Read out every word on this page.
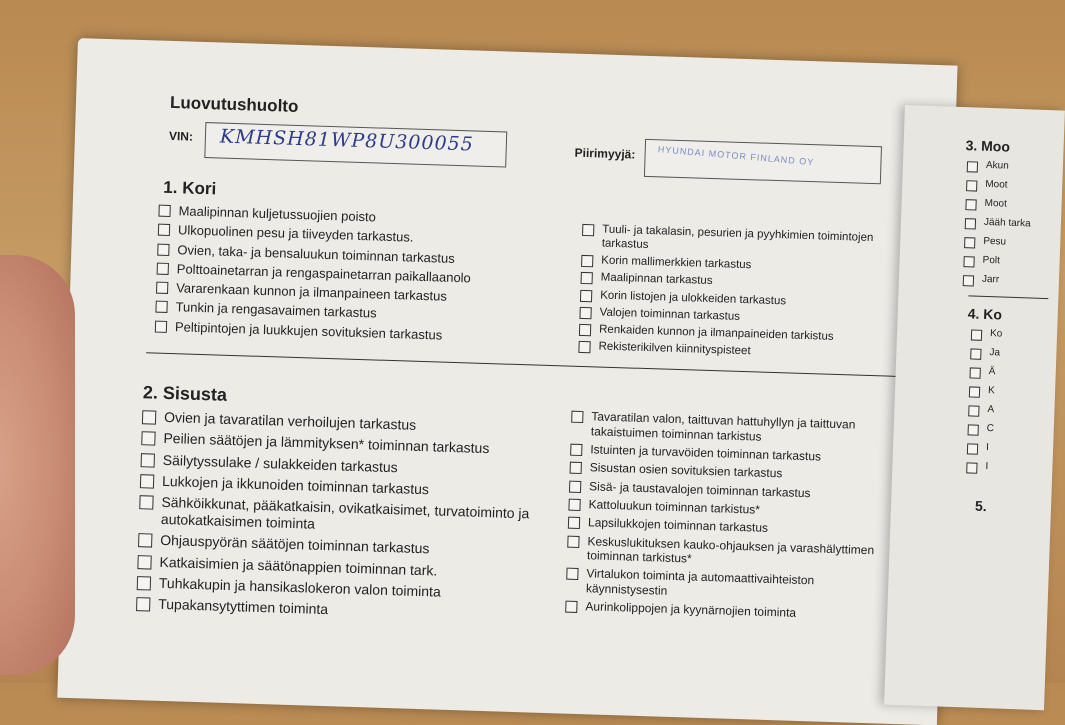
Luovutushuolto
VIN: KMHSH81WP8U300055	Piirimyyjä: HYUNDAI MOTOR FINLAND OY
1. Kori
Maalipinnan kuljetussuojien poisto
Ulkopuolinen pesu ja tiiveyden tarkastus.
Ovien, taka- ja bensaluukun toiminnan tarkastus
Polttoainetarran ja rengaspainetarran paikallaanolo
Vararenkaan kunnon ja ilmanpaineen tarkastus
Tunkin ja rengasavaimen tarkastus
Peltipintojen ja luukkujen sovituksien tarkastus
Tuuli- ja takalasin, pesurien ja pyyhkimien toimintojen tarkastus
Korin mallimerkkien tarkastus
Maalipinnan tarkastus
Korin listojen ja ulokkeiden tarkastus
Valojen toiminnan tarkastus
Renkaiden kunnon ja ilmanpaineiden tarkistus
Rekisterikilven kiinnityspisteet
2. Sisusta
Ovien ja tavaratilan verhoilujen tarkastus
Peilien säätöjen ja lämmityksen* toiminnan tarkastus
Säilytyssulake / sulakkeiden tarkastus
Lukkojen ja ikkunoiden toiminnan tarkastus
Sähköikkunat, pääkatkaisin, ovikatkaisimet, turvatoiminto ja autokatkaisimen toiminta
Ohjauspyörän säätöjen toiminnan tarkastus
Katkaisimien ja säätönappien toiminnan tark.
Tuhkakupin ja hansikaslokeron valon toiminta
Tupakansytyttimen toiminta
Tavaratilan valon, taittuvan hattuhyllyn ja taittuvan takaistuimen toiminnan tarkistus
Istuinten ja turvavöiden toiminnan tarkastus
Sisustan osien sovituksien tarkastus
Sisä- ja taustavalojen toiminnan tarkastus
Kattoluukun toiminnan tarkistus*
Lapsilukkojen toiminnan tarkastus
Keskuslukituksen kauko-ohjauksen ja varashälyttimen toiminnan tarkistus*
Virtalukon toiminta ja automaattivaihteiston käynnistysestin
Aurinkolippojen ja kyynärnojien toiminta
3. Moo
Akun
Moot
Moot
Jääh tarka
Pesu
Polt
Jarr
4. Ko
Ko
Ja
Ä
K
A
C
I
I
5.
